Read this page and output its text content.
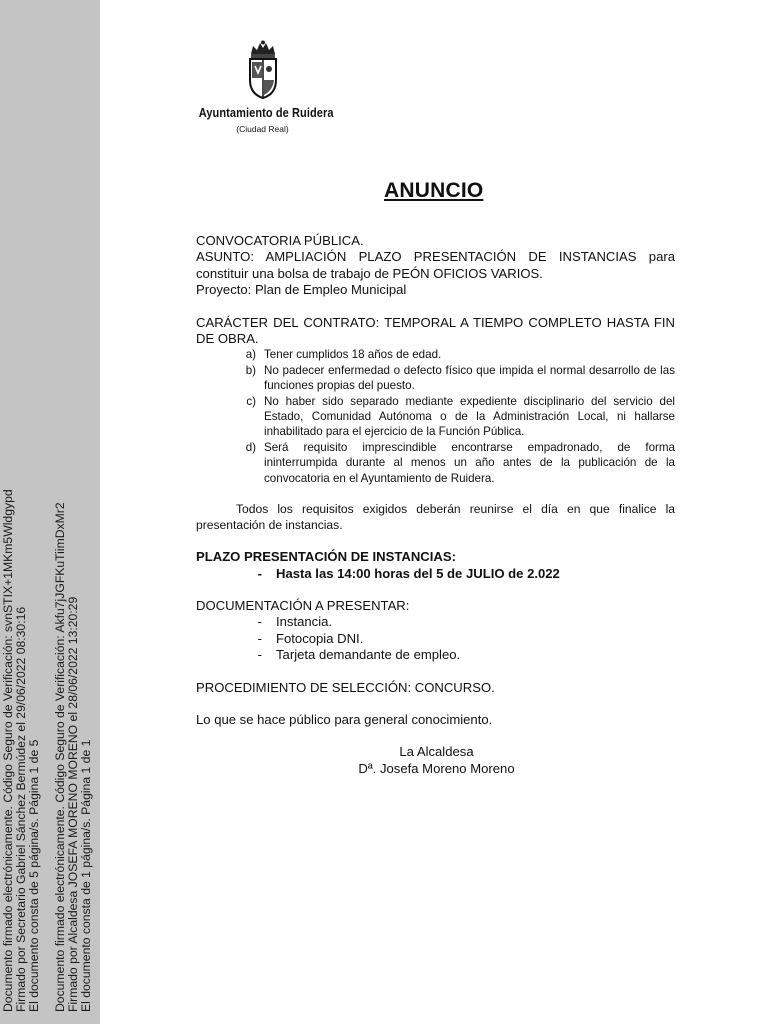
Documento firmado electrónicamente. Código Seguro de Verificación: svnSTIX+1MKm5Wldgypd Firmado por Secretario Gabriel Sánchez Bermúdez el 29/06/2022 08:30:16 El documento consta de 5 página/s. Página 1 de 5 Documento firmado electrónicamente. Código Seguro de Verificación: Akfu7jJGFKuTiimDxMr2 Firmado por Alcaldesa JOSEFA MORENO MORENO el 28/06/2022 13:20:29 El documento consta de 1 página/s. Página 1 de 1
Ayuntamiento de Ruidera
(Ciudad Real)
ANUNCIO

CONVOCATORIA PÚBLICA.

ASUNTO: AMPLIACIÓN PLAZO PRESENTACIÓN DE INSTANCIAS para constituir una bolsa de trabajo de PEÓN OFICIOS VARIOS.

Proyecto: Plan de Empleo Municipal

CARÁCTER DEL CONTRATO: TEMPORAL A TIEMPO COMPLETO HASTA FIN DE OBRA.

a) Tener cumplidos 18 años de edad.
b) No padecer enfermedad o defecto físico que impida el normal desarrollo de las funciones propias del puesto.
c) No haber sido separado mediante expediente disciplinario del servicio del Estado, Comunidad Autónoma o de la Administración Local, ni hallarse inhabilitado para el ejercicio de la Función Pública.
d) Será requisito imprescindible encontrarse empadronado, de forma ininterrumpida durante al menos un año antes de la publicación de la convocatoria en el Ayuntamiento de Ruidera.

Todos los requisitos exigidos deberán reunirse el día en que finalice la presentación de instancias.

PLAZO PRESENTACIÓN DE INSTANCIAS:

-	Hasta las 14:00 horas del 5 de JULIO de 2.022

DOCUMENTACIÓN A PRESENTAR:

-	Instancia.
-	Fotocopia DNI.
-	Tarjeta demandante de empleo.

PROCEDIMIENTO DE SELECCIÓN: CONCURSO.

Lo que se hace público para general conocimiento.

La Alcaldesa

Dª. Josefa Moreno Moreno
